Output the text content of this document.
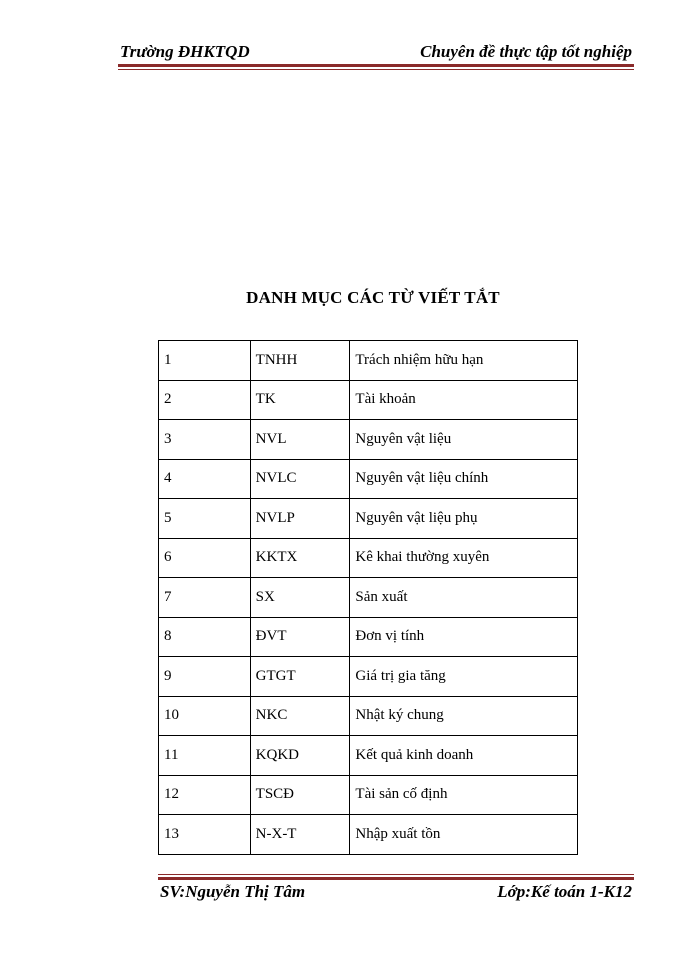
Trường ĐHKTQD	Chuyên đề thực tập tốt nghiệp
DANH MỤC CÁC TỪ VIẾT TẮT
1	TNHH	Trách nhiệm hữu hạn
2	TK	Tài khoản
3	NVL	Nguyên vật liệu
4	NVLC	Nguyên vật liệu chính
5	NVLP	Nguyên vật liệu phụ
6	KKTX	Kê khai thường xuyên
7	SX	Sản xuất
8	ĐVT	Đơn vị tính
9	GTGT	Giá trị gia tăng
10	NKC	Nhật ký chung
11	KQKD	Kết quả kinh doanh
12	TSCĐ	Tài sản cố định
13	N-X-T	Nhập xuất tồn
SV:Nguyễn Thị Tâm	Lớp:Kế toán 1-K12
